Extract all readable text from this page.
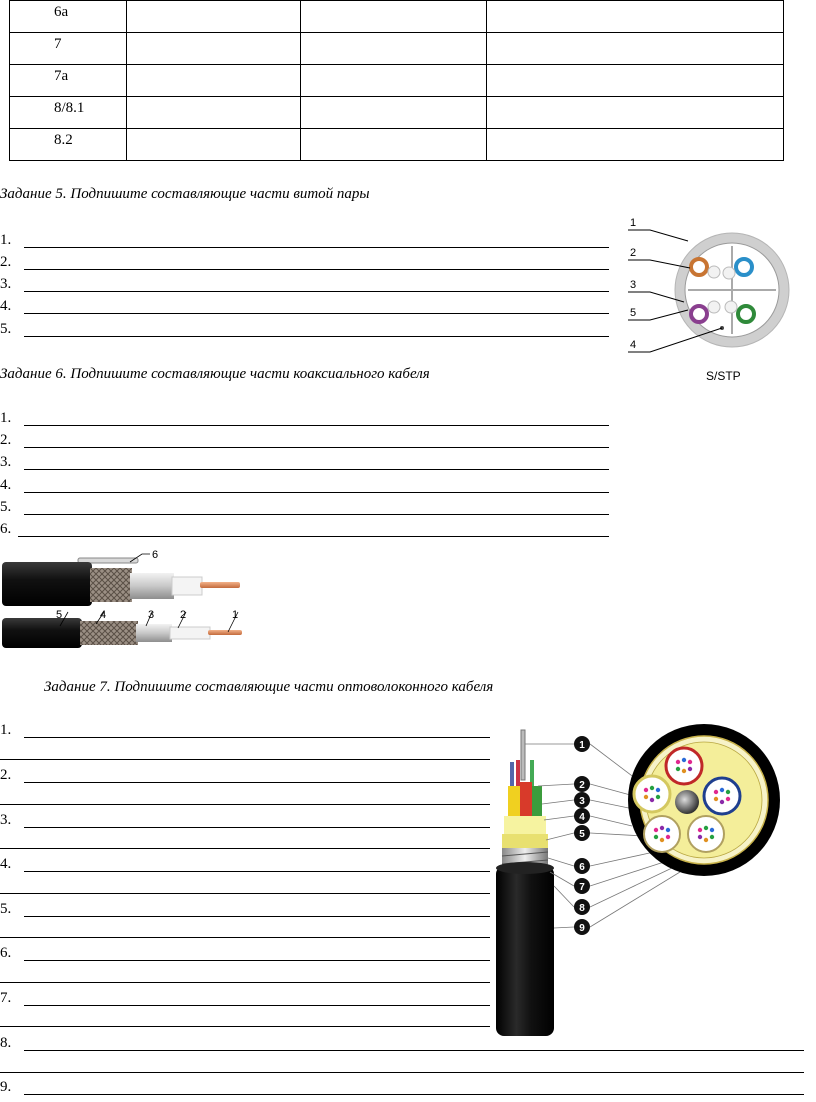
6a			
7			
7a			
8/8.1			
8.2			
Задание 5. Подпишите составляющие части витой пары
1.
2.
3.
4.
5.
1
2
3
5
4
S/STP
Задание 6. Подпишите составляющие части коаксиального кабеля
1.
2.
3.
4.
5.
6.
6
5	4	3 2	1
Задание 7. Подпишите составляющие части оптоволоконного кабеля
1.
2.
3.
4.
5.
6.
7.
8.
9.
1
2
3
4
5
6
7
8
9
